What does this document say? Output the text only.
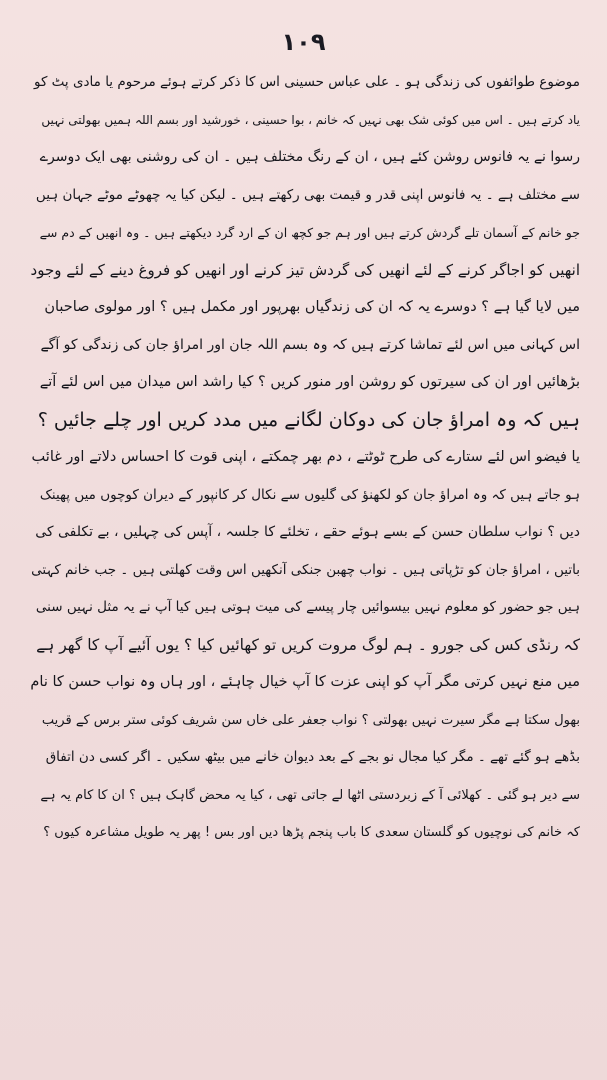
١٠٩
موضوع طوائفوں کی زندگی ہو ۔ علی عباس حسینی اس کا ذکر کرتے ہوئے مرحوم یا مادی پٹ کو
یاد کرتے ہیں ۔ اس میں کوئی شک بھی نہیں کہ خانم ، بوا حسینی ، خورشید اور بسم اللہ ہمیں بھولتی نہیں
رسوا نے یہ فانوس روشن کئے ہیں ، ان کے رنگ مختلف ہیں ۔ ان کی روشنی بھی ایک دوسرے
سے مختلف ہے ۔ یہ فانوس اپنی قدر و قیمت بھی رکھتے ہیں ۔ لیکن کیا یہ چھوٹے موٹے جہان ہیں
جو خانم کے آسمان تلے گردش کرتے ہیں اور ہم جو کچھ ان کے ارد گرد دیکھتے ہیں ۔ وہ انھیں کے دم سے
انھیں کو اجاگر کرنے کے لئے انھیں کی گردش تیز کرنے اور انھیں کو فروغ دینے کے لئے وجود
میں لایا گیا ہے ؟ دوسرے یہ کہ ان کی زندگیاں بھرپور اور مکمل ہیں ؟ اور مولوی صاحبان
اس کہانی میں اس لئے تماشا کرتے ہیں کہ وہ بسم اللہ جان اور امراؤ جان کی زندگی کو آگے
بڑھائیں اور ان کی سیرتوں کو روشن اور منور کریں ؟ کیا راشد اس میدان میں اس لئے آتے
ہیں کہ وہ امراؤ جان کی دوکان لگانے میں مدد کریں اور چلے جائیں ؟
یا فیضو اس لئے ستارے کی طرح ٹوٹتے ، دم بھر چمکتے ، اپنی قوت کا احساس دلاتے اور غائب
ہو جاتے ہیں کہ وہ امراؤ جان کو لکھنؤ کی گلیوں سے نکال کر کانپور کے دیران کوچوں میں پھینک
دیں ؟ نواب سلطان حسن کے بسے ہوئے حقے ، تخلئے کا جلسہ ، آپس کی چہلیں ، بے تکلفی کی
باتیں ، امراؤ جان کو تڑپاتی ہیں ۔ نواب چھبن جنکی آنکھیں اس وقت کھلتی ہیں ۔ جب خانم کہتی
ہیں جو حضور کو معلوم نہیں بیسوائیں چار پیسے کی میت ہوتی ہیں کیا آپ نے یہ مثل نہیں سنی
کہ رنڈی کس کی جورو ۔ ہم لوگ مروت کریں تو کھائیں کیا ؟ یوں آئیے آپ کا گھر ہے
میں منع نہیں کرتی مگر آپ کو اپنی عزت کا آپ خیال چاہئے ، اور ہاں وہ نواب حسن کا نام
بھول سکتا ہے مگر سیرت نہیں بھولتی ؟ نواب جعفر علی خاں سن شریف کوئی ستر برس کے قریب
بڈھے ہو گئے تھے ۔ مگر کیا مجال نو بجے کے بعد دیوان خانے میں بیٹھ سکیں ۔ اگر کسی دن اتفاق
سے دیر ہو گئی ۔ کھلائی آ کے زبردستی اٹھا لے جاتی تھی ، کیا یہ محض گاہک ہیں ؟ ان کا کام یہ ہے
کہ خانم کی نوچیوں کو گلستان سعدی کا باب پنجم پڑھا دیں اور بس ! پھر یہ طویل مشاعرہ کیوں ؟
